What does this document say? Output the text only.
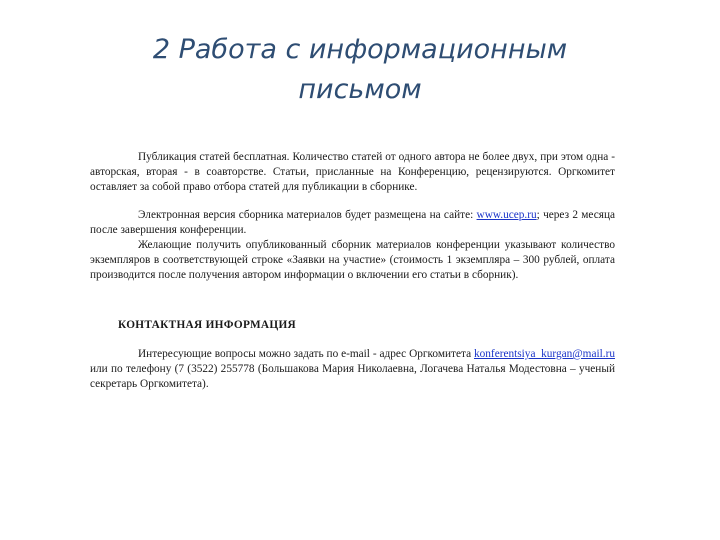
2 Работа с информационным
письмом

Публикация статей бесплатная. Количество статей от одного автора не более двух, при этом одна - авторская, вторая - в соавторстве. Статьи, присланные на Конференцию, рецензируются. Оргкомитет оставляет за собой право отбора статей для публикации в сборнике.

Электронная версия сборника материалов будет размещена на сайте: www.ucep.ru; через 2 месяца после завершения конференции.

Желающие получить опубликованный сборник материалов конференции указывают количество экземпляров в соответствующей строке «Заявки на участие» (стоимость 1 экземпляра – 300 рублей, оплата производится после получения автором информации о включении его статьи в сборник).

КОНТАКТНАЯ ИНФОРМАЦИЯ

Интересующие вопросы можно задать по e-mail - адрес Оргкомитета konferentsiya_kurgan@mail.ru или по телефону (7 (3522) 255778 (Большакова Мария Николаевна, Логачева Наталья Модестовна – ученый секретарь Оргкомитета).
